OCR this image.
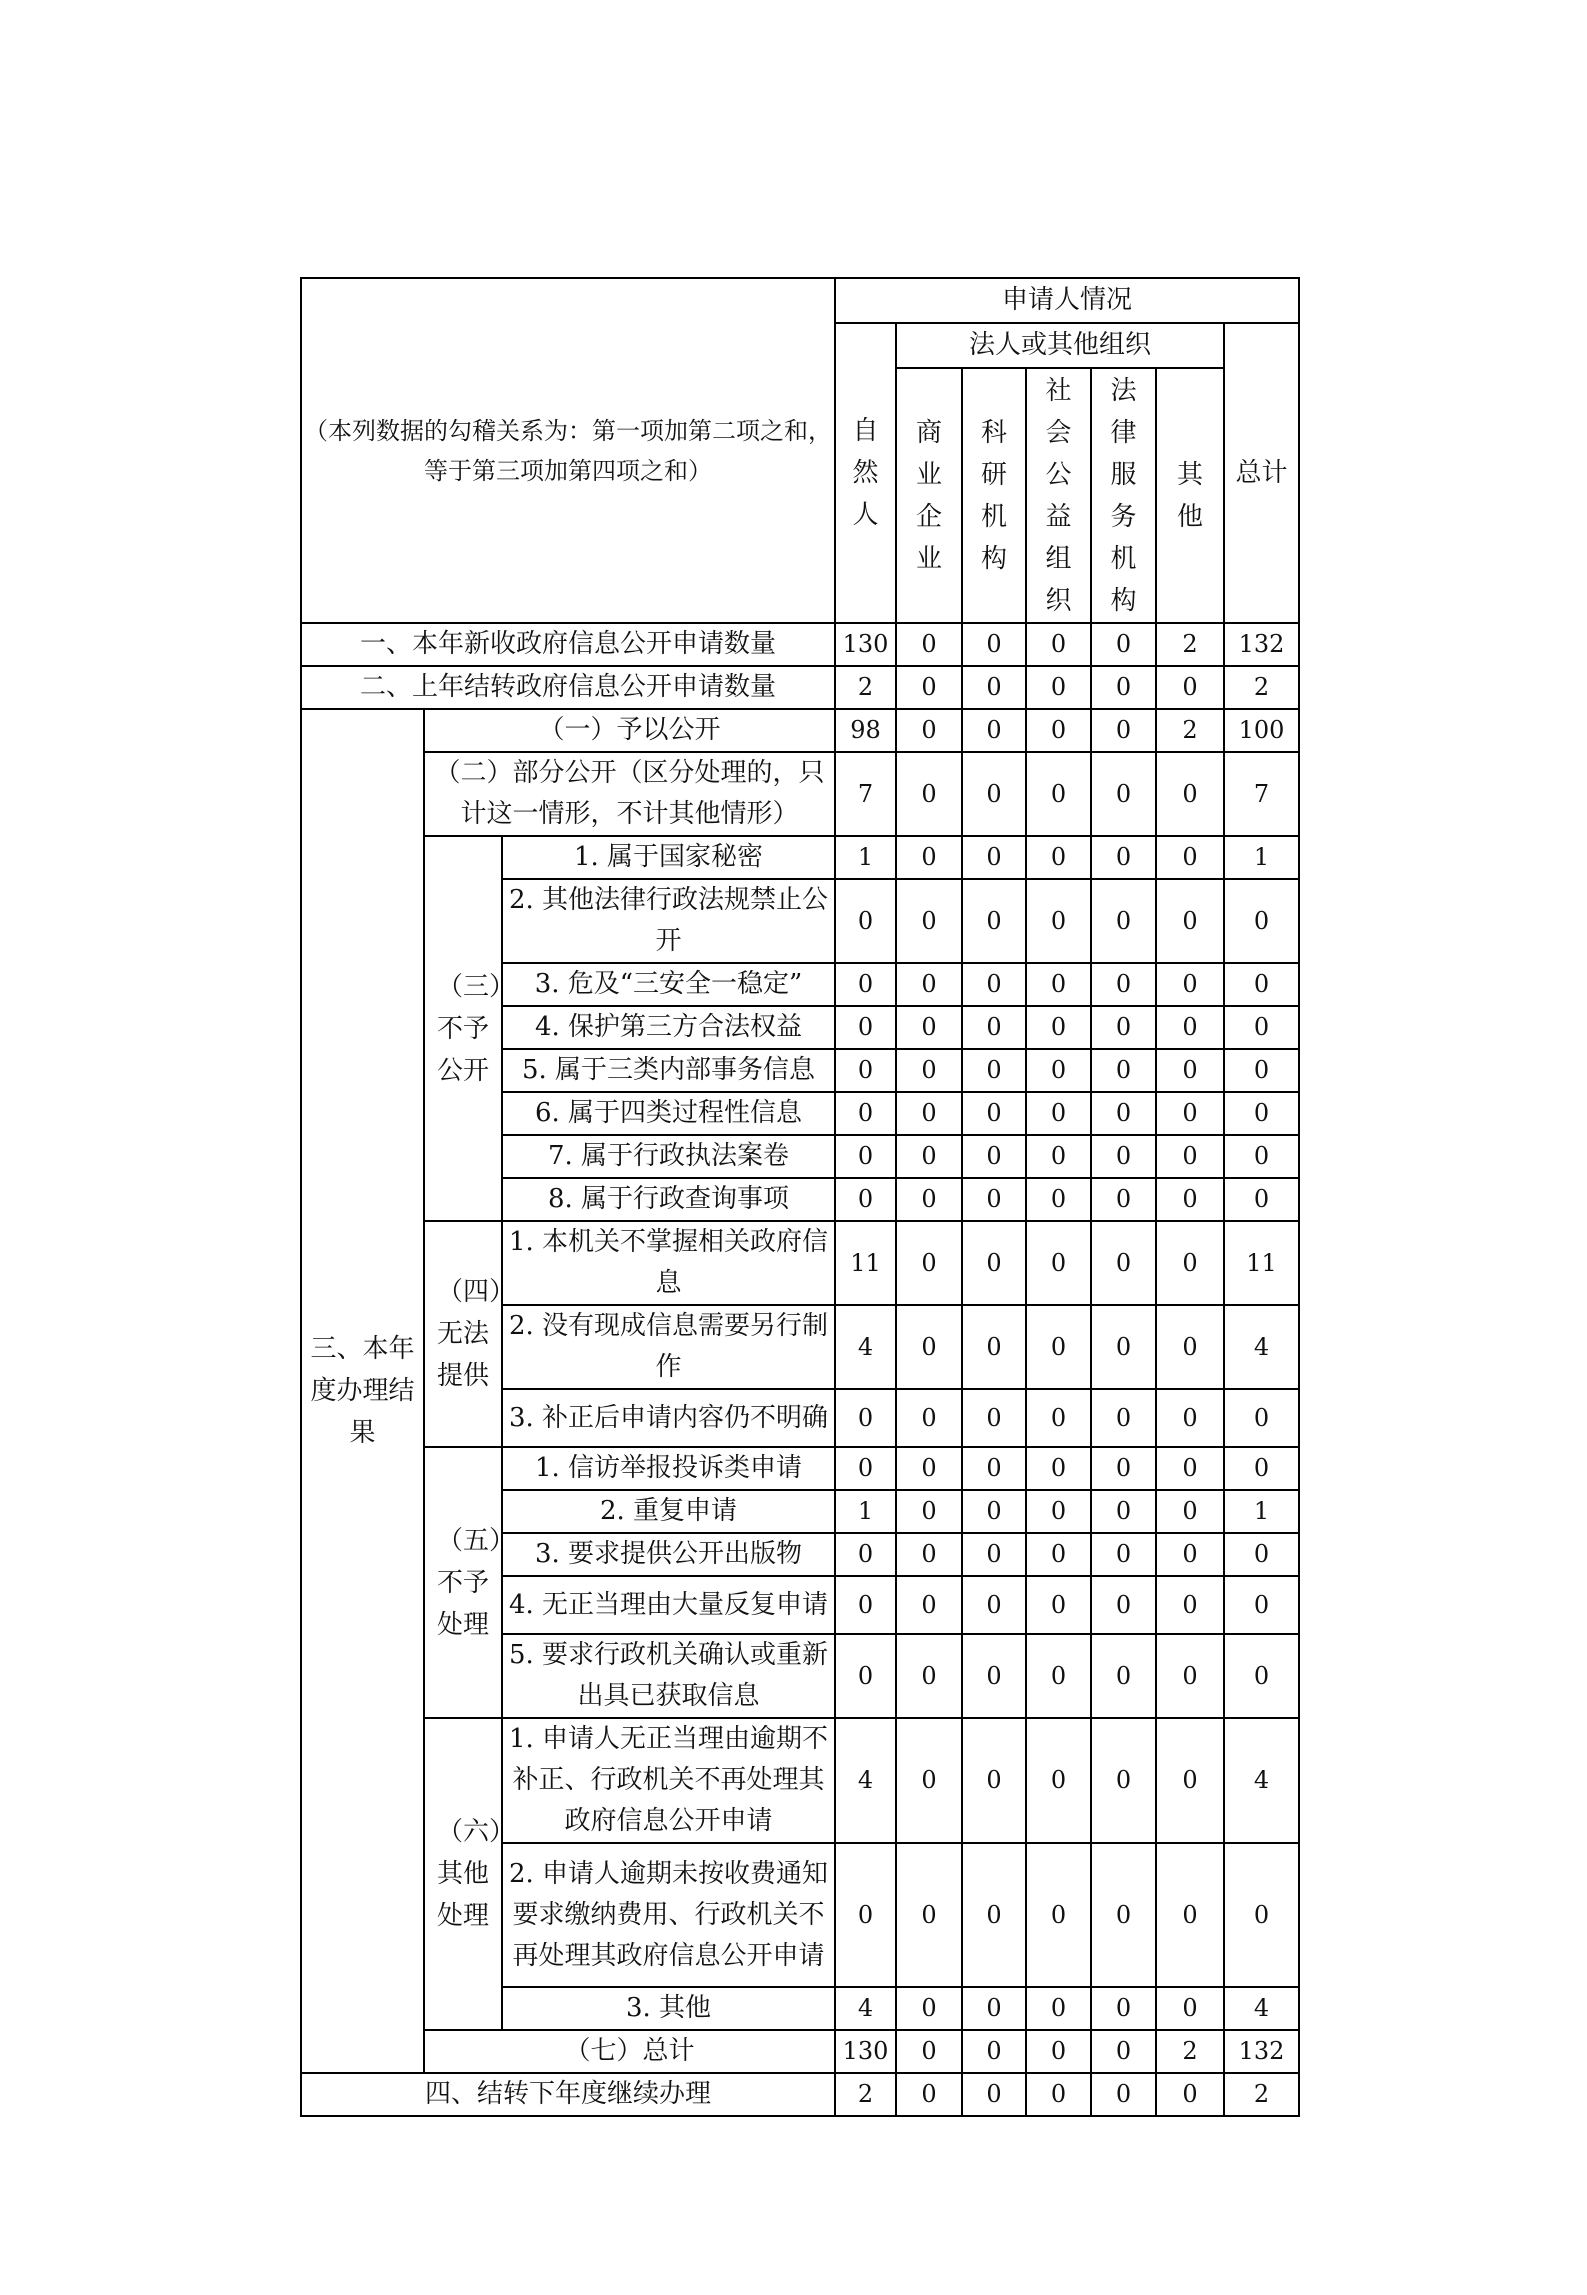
（本列数据的勾稽关系为：第一项加第二项之和，等于第三项加第四项之和）			申请人情况						

			自然人	法人或其他组织					总计

				商业企业	科研机构	社会公益组织	法律服务机构	其他	

一、本年新收政府信息公开申请数量			130	0	0	0	0	2	132
二、上年结转政府信息公开申请数量			2	0	0	0	0	0	2
三、本年度办理结果	（一）予以公开		98	0	0	0	0	2	100
	（二）部分公开（区分处理的，只计这一情形，不计其他情形）		7	0	0	0	0	0	7

	（三）不予公开	1. 属于国家秘密	1	0	0	0	0	0	1
		2. 其他法律行政法规禁止公开	0	0	0	0	0	0	0
		3. 危及“三安全一稳定”	0	0	0	0	0	0	0
		4. 保护第三方合法权益	0	0	0	0	0	0	0
		5. 属于三类内部事务信息	0	0	0	0	0	0	0
		6. 属于四类过程性信息	0	0	0	0	0	0	0
		7. 属于行政执法案卷	0	0	0	0	0	0	0
		8. 属于行政查询事项	0	0	0	0	0	0	0

	（四）无法提供	1. 本机关不掌握相关政府信息	11	0	0	0	0	0	11
		2. 没有现成信息需要另行制作	4	0	0	0	0	0	4
		3. 补正后申请内容仍不明确	0	0	0	0	0	0	0

	（五）不予处理	1. 信访举报投诉类申请	0	0	0	0	0	0	0
		2. 重复申请	1	0	0	0	0	0	1
		3. 要求提供公开出版物	0	0	0	0	0	0	0
		4. 无正当理由大量反复申请	0	0	0	0	0	0	0
		5. 要求行政机关确认或重新出具已获取信息	0	0	0	0	0	0	0

	（六）其他处理	1. 申请人无正当理由逾期不补正、行政机关不再处理其政府信息公开申请	4	0	0	0	0	0	4
		2. 申请人逾期未按收费通知要求缴纳费用、行政机关不再处理其政府信息公开申请	0	0	0	0	0	0	0
		3. 其他	4	0	0	0	0	0	4
	（七）总计		130	0	0	0	0	2	132
四、结转下年度继续办理			2	0	0	0	0	0	2
